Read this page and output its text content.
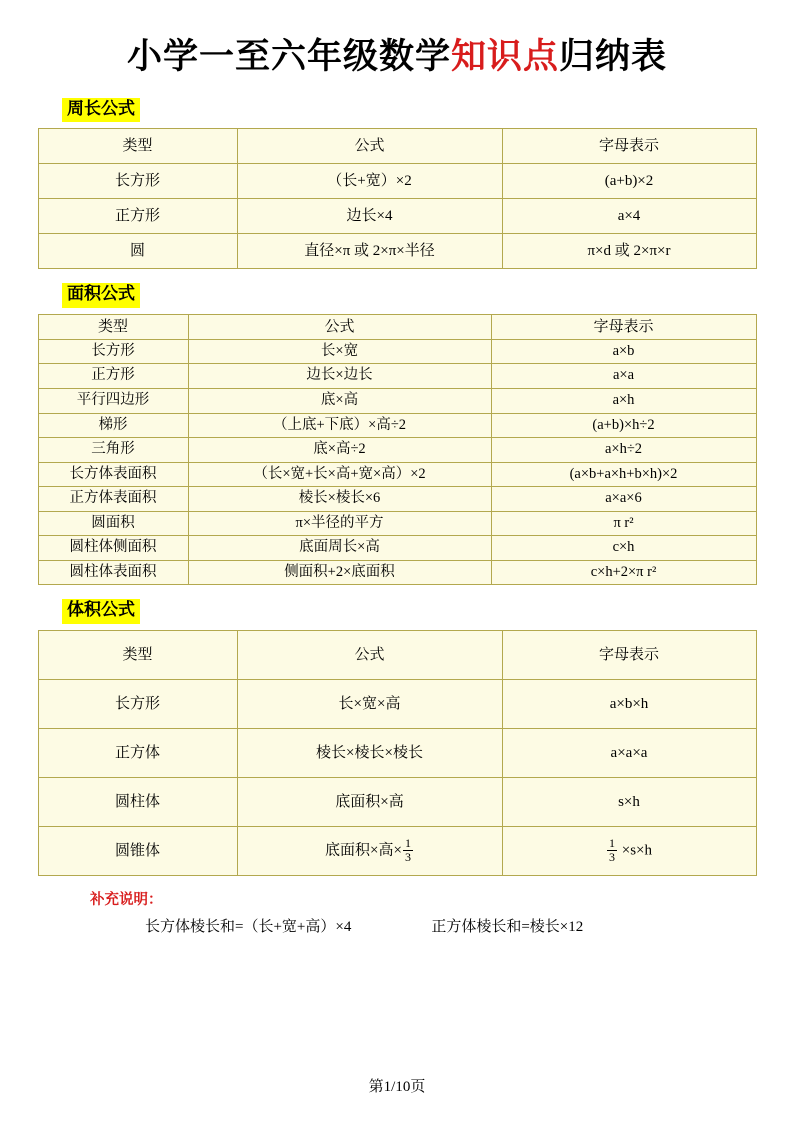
小学一至六年级数学知识点归纳表
周长公式
类型	公式	字母表示
长方形	（长+宽）×2	(a+b)×2
正方形	边长×4	a×4
圆	直径×π 或 2×π×半径	π×d 或 2×π×r
面积公式
类型	公式	字母表示
长方形	长×宽	a×b
正方形	边长×边长	a×a
平行四边形	底×高	a×h
梯形	（上底+下底）×高÷2	(a+b)×h÷2
三角形	底×高÷2	a×h÷2
长方体表面积	（长×宽+长×高+宽×高）×2	(a×b+a×h+b×h)×2
正方体表面积	棱长×棱长×6	a×a×6
圆面积	π×半径的平方	π r²
圆柱体侧面积	底面周长×高	c×h
圆柱体表面积	侧面积+2×底面积	c×h+2×π r²
体积公式
类型	公式	字母表示
长方形	长×宽×高	a×b×h
正方体	棱长×棱长×棱长	a×a×a
圆柱体	底面积×高	s×h
圆锥体	底面积×高× $\frac{1}{3}$	$\frac{1}{3} \times s\times h$
补充说明：
长方体棱长和=（长+宽+高）×4	正方体棱长和=棱长×12
第1/10页
